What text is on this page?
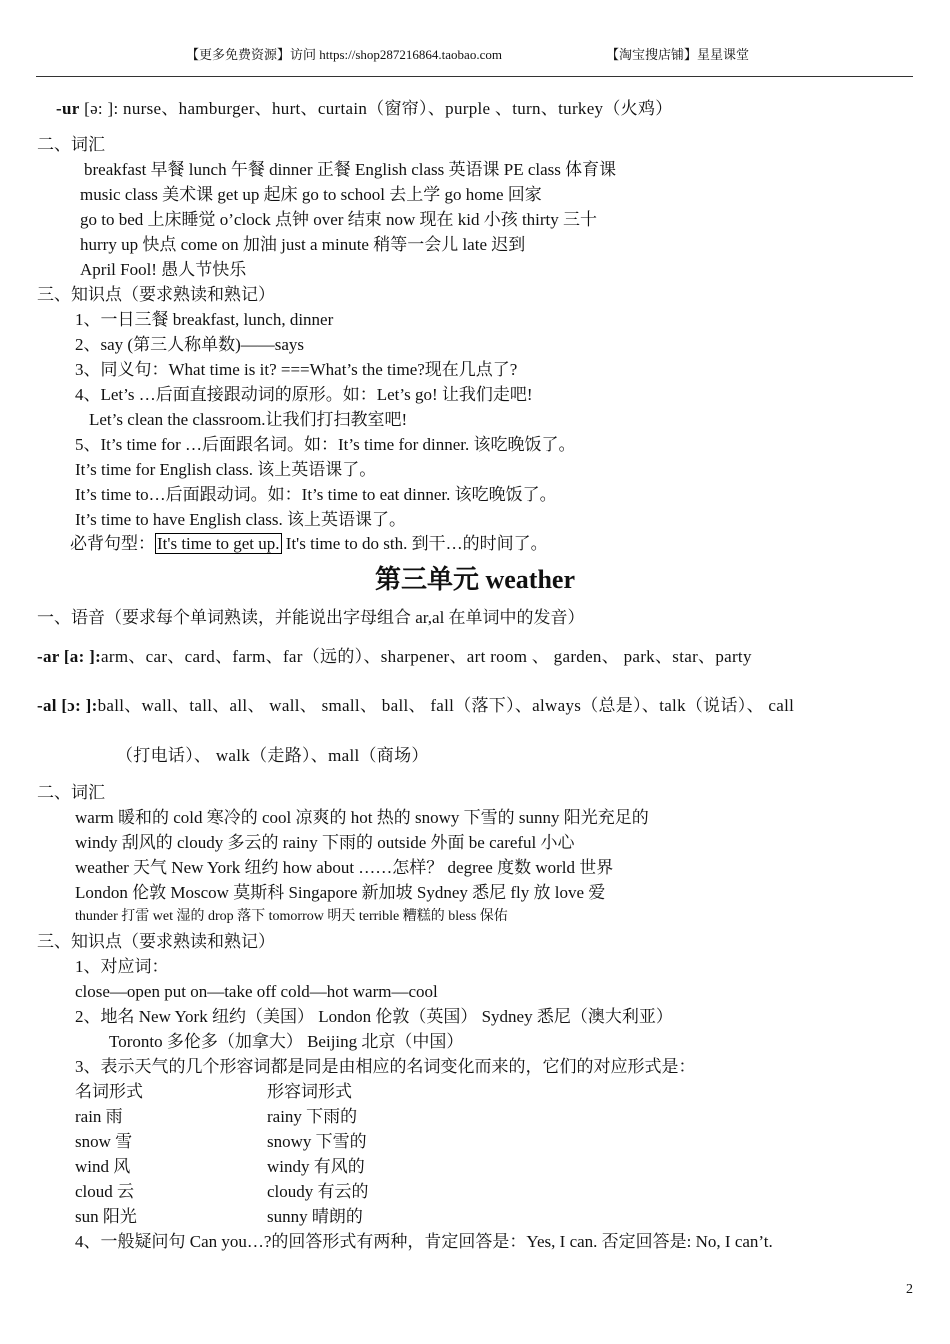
【更多免费资源】访问 https://shop287216864.taobao.com	【淘宝搜店铺】星星课堂
-ur [ə: ]: nurse、hamburger、hurt、curtain（窗帘）、purple 、turn、turkey（火鸡）
二、词汇
breakfast 早餐 lunch 午餐 dinner 正餐 English class 英语课 PE class 体育课
music class 美术课 get up 起床 go to school 去上学 go home 回家
go to bed 上床睡觉 o’clock 点钟 over 结束 now 现在 kid 小孩 thirty 三十
hurry up 快点 come on 加油 just a minute 稍等一会儿 late 迟到
April Fool! 愚人节快乐
三、知识点（要求熟读和熟记）
1、一日三餐 breakfast, lunch, dinner
2、say (第三人称单数)——says
3、同义句：What time is it? ===What’s the time?现在几点了?
4、Let’s …后面直接跟动词的原形。如：Let’s go! 让我们走吧!
Let’s clean the classroom.让我们打扫教室吧!
5、It’s time for …后面跟名词。如：It’s time for dinner. 该吃晚饭了。
It’s time for English class. 该上英语课了。
It’s time to…后面跟动词。如：It’s time to eat dinner. 该吃晚饭了。
It’s time to have English class. 该上英语课了。
必背句型： It's time to get up. It's time to do sth. 到干…的时间了。
第三单元 weather
一、语音（要求每个单词熟读，并能说出字母组合 ar,al 在单词中的发音）
-ar [a: ]:arm、car、card、farm、far（远的）、sharpener、art room 、 garden、 park、star、party
-al [ɔ: ]:ball、wall、tall、all、 wall、 small、 ball、 fall（落下）、always（总是）、talk（说话）、 call
（打电话）、 walk（走路）、mall（商场）
二、词汇
warm 暖和的 cold 寒冷的 cool 凉爽的 hot 热的 snowy 下雪的 sunny 阳光充足的
windy 刮风的 cloudy 多云的 rainy 下雨的 outside 外面 be careful 小心
weather 天气 New York 纽约 how about ……怎样？ degree 度数 world 世界
London 伦敦 Moscow 莫斯科 Singapore 新加坡 Sydney 悉尼 fly 放 love 爱
thunder 打雷 wet 湿的 drop 落下 tomorrow 明天 terrible 糟糕的 bless 保佑
三、知识点（要求熟读和熟记）
1、对应词：
close—open put on—take off cold—hot warm—cool
2、地名 New York 纽约（美国） London 伦敦（英国） Sydney 悉尼（澳大利亚）
Toronto 多伦多（加拿大） Beijing 北京（中国）
3、表示天气的几个形容词都是同是由相应的名词变化而来的，它们的对应形式是：
名词形式	形容词形式
rain 雨	rainy 下雨的
snow 雪	snowy 下雪的
wind 风	windy 有风的
cloud 云	cloudy 有云的
sun 阳光	sunny 晴朗的
4、一般疑问句 Can you…?的回答形式有两种，肯定回答是：Yes, I can. 否定回答是: No, I can’t.
2
